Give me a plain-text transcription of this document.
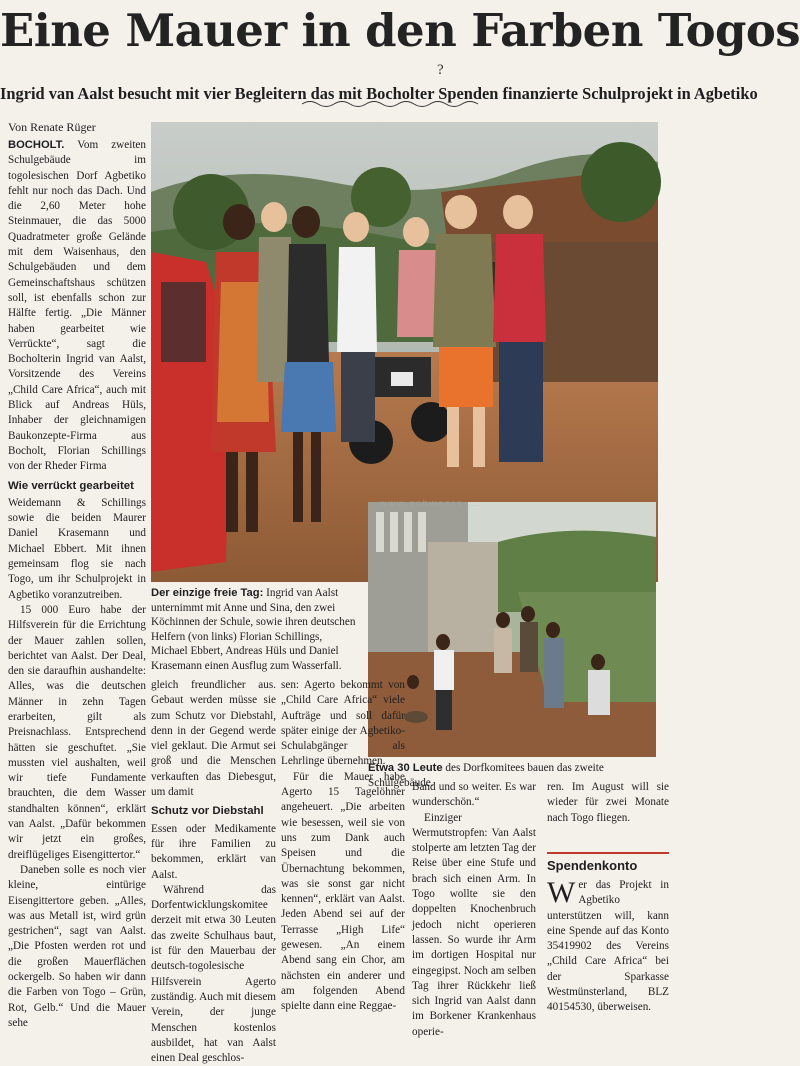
Eine Mauer in den Farben Togos
?
Ingrid van Aalst besucht mit vier Begleitern das mit Bocholter Spenden finanzierte Schulprojekt in Agbetiko
Von Renate Rüger
Der einzige freie Tag: Ingrid van Aalst unternimmt mit Anne und Sina, den zwei Köchinnen der Schule, sowie ihren deutschen Helfern (von links) Florian Schillings, Michael Ebbert, Andreas Hüls und Daniel Krasemann einen Ausflug zum Wasserfall.
www.schweers-...
Etwa 30 Leute des Dorfkomitees bauen das zweite Schulgebäude.

BOCHOLT. Vom zweiten Schulgebäude im togolesischen Dorf Agbetiko fehlt nur noch das Dach. Und die 2,60 Meter hohe Steinmauer, die das 5000 Quadratmeter große Gelände mit dem Waisenhaus, den Schulgebäuden und dem Gemeinschaftshaus schützen soll, ist ebenfalls schon zur Hälfte fertig. „Die Männer haben gearbeitet wie Verrückte“, sagt die Bocholterin Ingrid van Aalst, Vorsitzende des Vereins „Child Care Africa“, auch mit Blick auf Andreas Hüls, Inhaber der gleichnamigen Baukonzepte-Firma aus Bocholt, Florian Schillings von der Rheder Firma

Wie verrückt gearbeitet

Weidemann & Schillings sowie die beiden Maurer Daniel Krasemann und Michael Ebbert. Mit ihnen gemeinsam flog sie nach Togo, um ihr Schulprojekt in Agbetiko voranzutreiben.

15 000 Euro habe der Hilfsverein für die Errichtung der Mauer zahlen sollen, berichtet van Aalst. Der Deal, den sie daraufhin aushandelte: Alles, was die deutschen Männer in zehn Tagen erarbeiten, gilt als Preisnachlass. Entsprechend hätten sie geschuftet. „Sie mussten viel aushalten, weil wir tiefe Fundamente brauchten, die dem Wasser standhalten können“, erklärt van Aalst. „Dafür bekommen wir jetzt ein großes, dreiflügeliges Eisengittertor.“

Daneben solle es noch vier kleine, eintürige Eisengittertore geben. „Alles, was aus Metall ist, wird grün gestrichen“, sagt van Aalst. „Die Pfosten werden rot und die großen Mauerflächen ockergelb. So haben wir dann die Farben von Togo – Grün, Rot, Gelb.“ Und die Mauer sehe

gleich freundlicher aus. Gebaut werden müsse sie zum Schutz vor Diebstahl, denn in der Gegend werde viel geklaut. Die Armut sei groß und die Menschen verkauften das Diebesgut, um damit

Schutz vor Diebstahl

Essen oder Medikamente für ihre Familien zu bekommen, erklärt van Aalst.

Während das Dorfentwicklungskomitee derzeit mit etwa 30 Leuten das zweite Schulhaus baut, ist für den Mauerbau der deutsch-togolesische Hilfsverein Agerto zuständig. Auch mit diesem Verein, der junge Menschen kostenlos ausbildet, hat van Aalst einen Deal geschlos-

sen: Agerto bekommt von „Child Care Africa“ viele Aufträge und soll dafür später einige der Agbetiko-Schulabgänger als Lehrlinge übernehmen.

Für die Mauer habe Agerto 15 Tagelöhner angeheuert. „Die arbeiten wie besessen, weil sie von uns zum Dank auch Speisen und die Übernachtung bekommen, was sie sonst gar nicht kennen“, erklärt van Aalst. Jeden Abend sei auf der Terrasse „High Life“ gewesen. „An einem Abend sang ein Chor, am nächsten ein anderer und am folgenden Abend spielte dann eine Reggae-

Band und so weiter. Es war wunderschön.“

Einziger Wermutstropfen: Van Aalst stolperte am letzten Tag der Reise über eine Stufe und brach sich einen Arm. In Togo wollte sie den doppelten Knochenbruch jedoch nicht operieren lassen. So wurde ihr Arm im dortigen Hospital nur eingegipst. Noch am selben Tag ihrer Rückkehr ließ sich Ingrid van Aalst dann im Borkener Krankenhaus operie-

ren. Im August will sie wieder für zwei Monate nach Togo fliegen.

Spendenkonto
Wer das Projekt in Agbetiko unterstützen will, kann eine Spende auf das Konto 35419902 des Vereins „Child Care Africa“ bei der Sparkasse Westmünsterland, BLZ 40154530, überweisen.
